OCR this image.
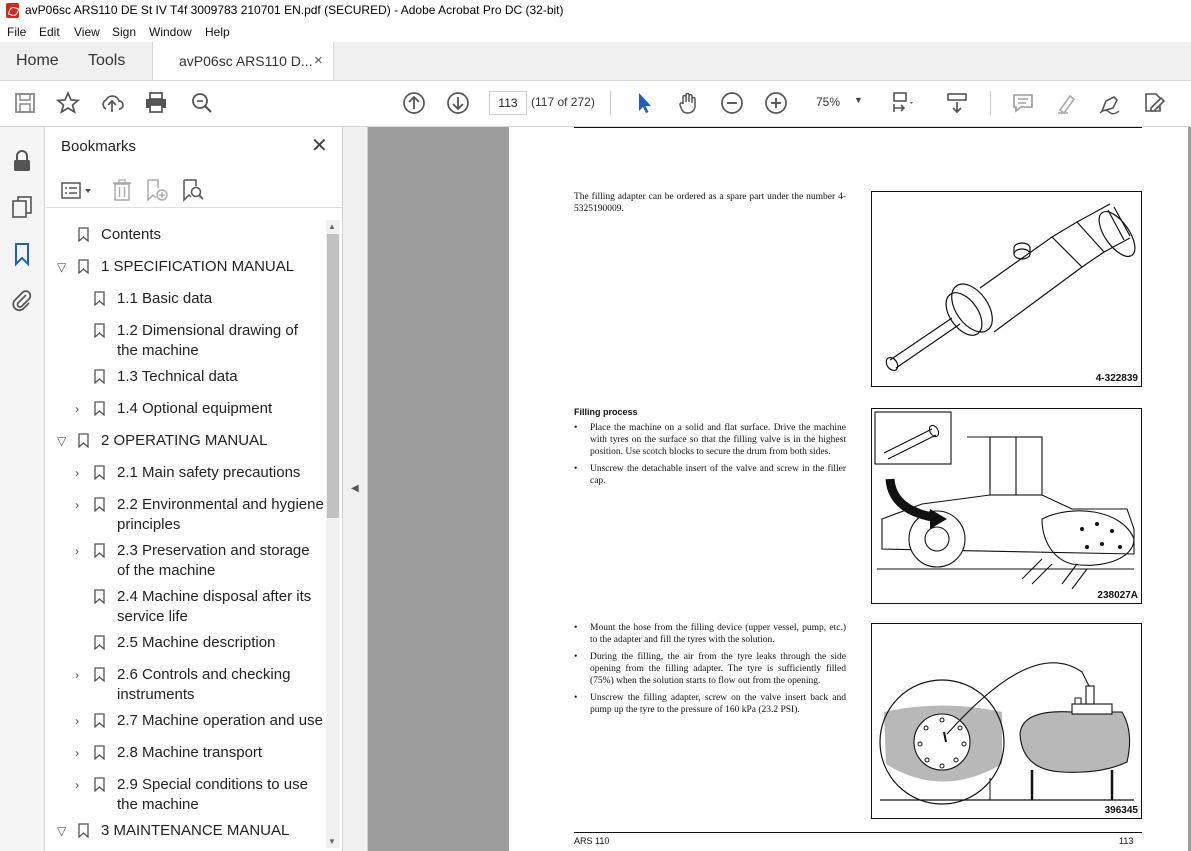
avP06sc ARS110 DE St IV T4f 3009783 210701 EN.pdf (SECURED) - Adobe Acrobat Pro DC (32-bit)
File Edit View Sign Window Help
Home Tools	avP06sc ARS110 D... ×
113	(117 of 272)	75% ▼
Bookmarks	✕
Contents
▽ 1 SPECIFICATION MANUAL
1.1 Basic data
1.2 Dimensional drawing of the machine
1.3 Technical data
›	1.4 Optional equipment
▽ 2 OPERATING MANUAL
›	2.1 Main safety precautions
›	2.2 Environmental and hygiene principles
›	2.3 Preservation and storage of the machine
2.4 Machine disposal after its service life
2.5 Machine description
›	2.6 Controls and checking instruments
›	2.7 Machine operation and use
›	2.8 Machine transport
›	2.9 Special conditions to use the machine
▽ 3 MAINTENANCE MANUAL
▲
▼
◀
The filling adapter can be ordered as a spare part under the number 4-5325190009.
4-322839
Filling process
• Place the machine on a solid and flat surface. Drive the machine with tyres on the surface so that the filling valve is in the highest position. Use scotch blocks to secure the drum from both sides.
• Unscrew the detachable insert of the valve and screw in the filler cap.
238027A
• Mount the hose from the filling device (upper vessel, pump, etc.) to the adapter and fill the tyres with the solution.
• During the filling, the air from the tyre leaks through the side opening from the filling adapter. The tyre is sufficiently filled (75%) when the solution starts to flow out from the opening.
• Unscrew the filling adapter, screw on the valve insert back and pump up the tyre to the pressure of 160 kPa (23.2 PSI).
396345
ARS 110	113
